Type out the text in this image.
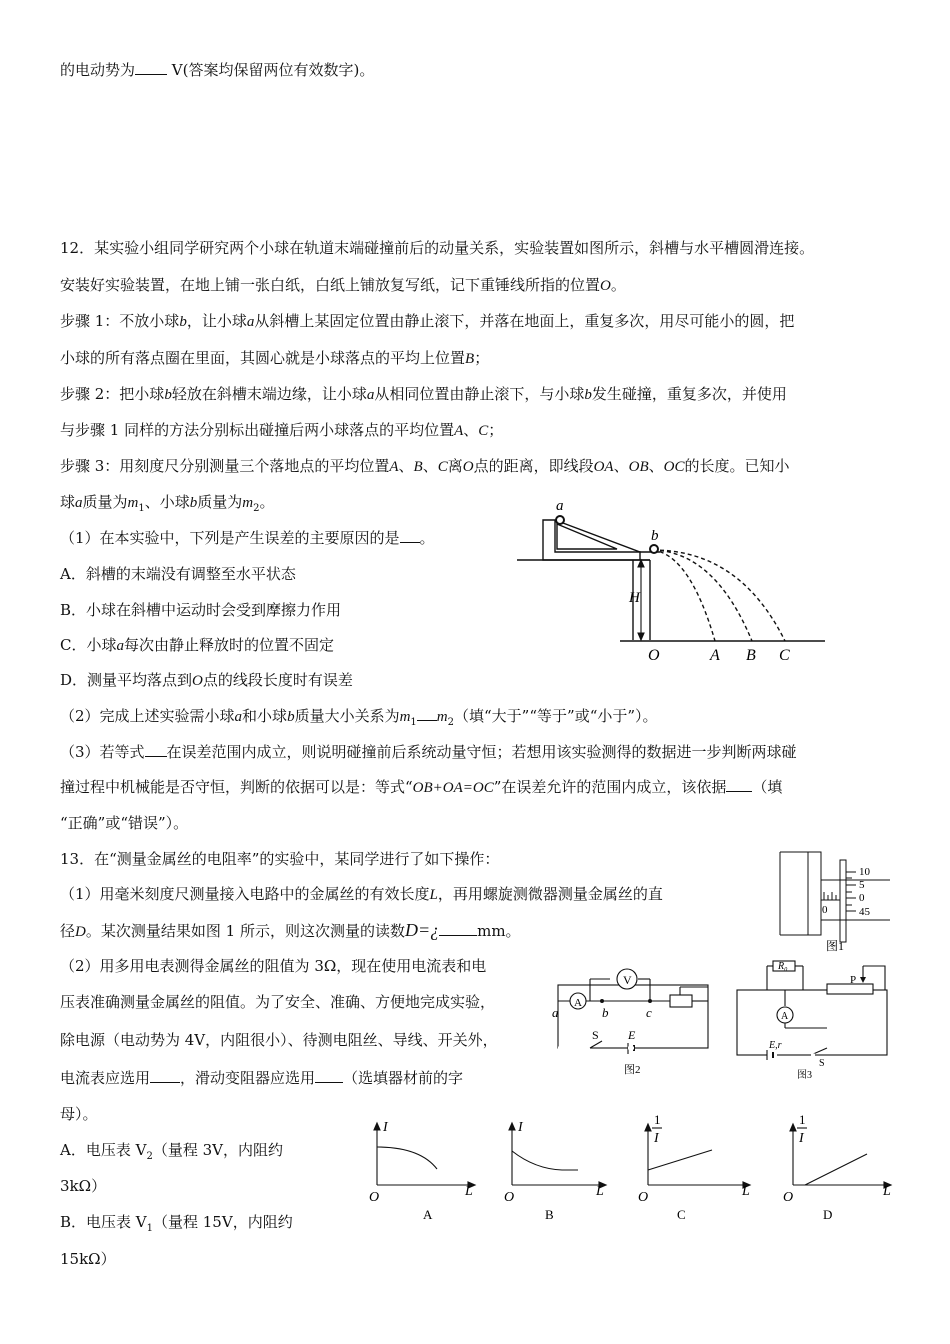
的电动势为 V(答案均保留两位有效数字)。
12．某实验小组同学研究两个小球在轨道末端碰撞前后的动量关系，实验装置如图所示，斜槽与水平槽圆滑连接。
安装好实验装置，在地上铺一张白纸，白纸上铺放复写纸，记下重锤线所指的位置O。
步骤 1：不放小球b，让小球a从斜槽上某固定位置由静止滚下，并落在地面上，重复多次，用尽可能小的圆，把
小球的所有落点圈在里面，其圆心就是小球落点的平均上位置B；
步骤 2：把小球b轻放在斜槽末端边缘，让小球a从相同位置由静止滚下，与小球b发生碰撞，重复多次，并使用
与步骤 1 同样的方法分别标出碰撞后两小球落点的平均位置A、C；
步骤 3：用刻度尺分别测量三个落地点的平均位置A、B、C离O点的距离，即线段OA、OB、OC的长度。已知小
球a质量为$m_1$、小球b质量为$m_2$。
（1）在本实验中，下列是产生误差的主要原因的是 。
A．斜槽的末端没有调整至水平状态
B．小球在斜槽中运动时会受到摩擦力作用
C．小球a每次由静止释放时的位置不固定
D．测量平均落点到O点的线段长度时有误差
（2）完成上述实验需小球a和小球b质量大小关系为$m_1$ $m_2$（填“大于”“等于”或“小于”）。
（3）若等式 在误差范围内成立，则说明碰撞前后系统动量守恒；若想用该实验测得的数据进一步判断两球碰
撞过程中机械能是否守恒，判断的依据可以是：等式“OB+OA=OC”在误差允许的范围内成立，该依据 （填
“正确”或“错误”）。
a
b
H
O	A B C
13．在“测量金属丝的电阻率”的实验中，某同学进行了如下操作：
（1）用毫米刻度尺测量接入电路中的金属丝的有效长度L，再用螺旋测微器测量金属丝的直
径D。某次测量结果如图 1 所示，则这次测量的读数D=¿	mm。
（2）用多用电表测得金属丝的阻值为 3Ω，现在使用电流表和电
压表准确测量金属丝的阻值。为了安全、准确、方便地完成实验，
除电源（电动势为 4V，内阻很小）、待测电阻丝、导线、开关外，
电流表应选用 ，滑动变阻器应选用 （选填器材前的字
母）。
A．电压表 $V_2$（量程 3V，内阻约
3kΩ）
B．电压表 $V_1$（量程 15V，内阻约
15kΩ）
10
5
0
45
0
图1
V
A
a	b	c
S E
图2
R₀
P
A
E,r
S
图3
I
O	L
A
I
O	L
B
1
I
O	L
C
1
I
O	L
D
